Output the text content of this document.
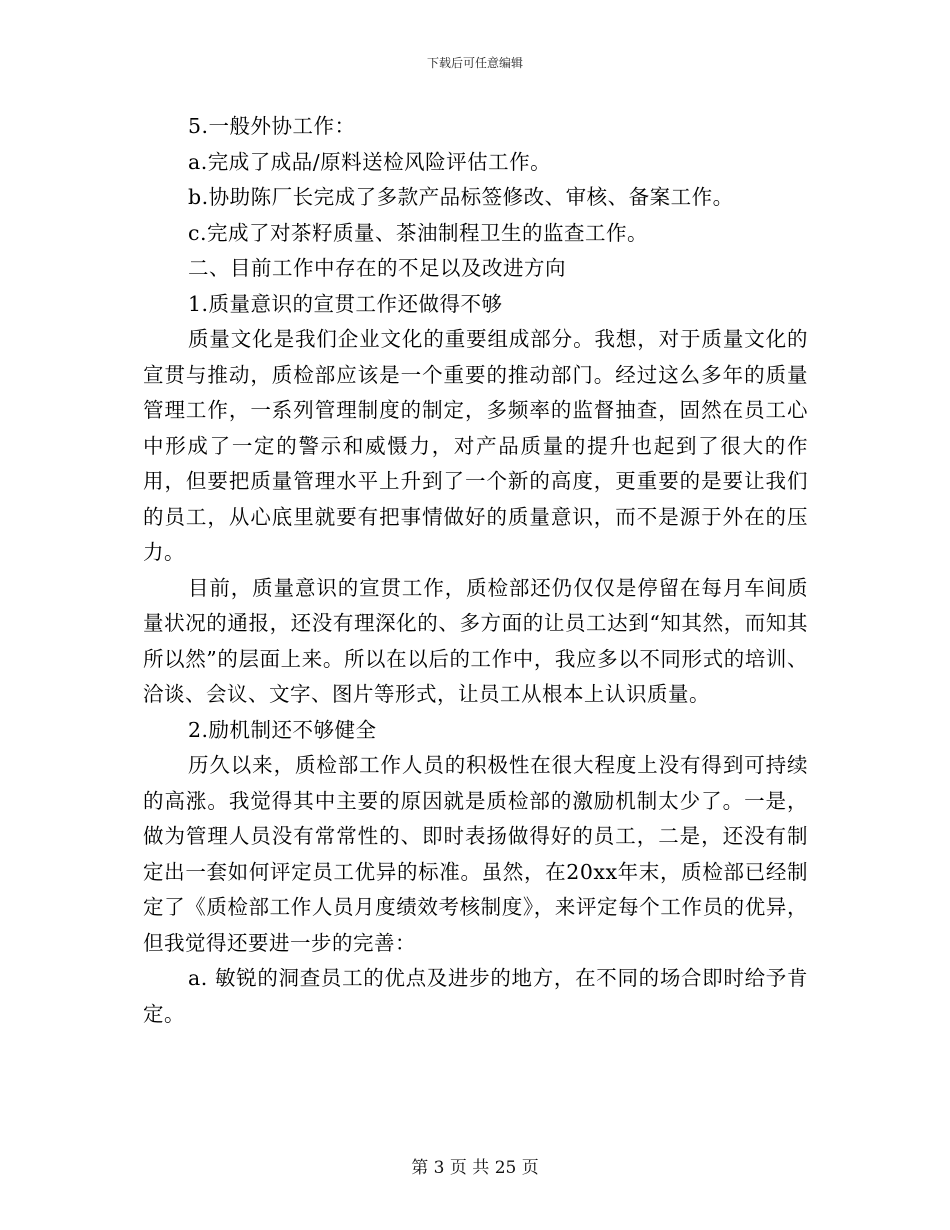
下载后可任意编辑

5.一般外协工作：

a.完成了成品/原料送检风险评估工作。

b.协助陈厂长完成了多款产品标签修改、审核、备案工作。

c.完成了对茶籽质量、茶油制程卫生的监查工作。

二、目前工作中存在的不足以及改进方向

1.质量意识的宣贯工作还做得不够

质量文化是我们企业文化的重要组成部分。我想，对于质量文化的宣贯与推动，质检部应该是一个重要的推动部门。经过这么多年的质量管理工作，一系列管理制度的制定，多频率的监督抽查，固然在员工心中形成了一定的警示和威慑力，对产品质量的提升也起到了很大的作用，但要把质量管理水平上升到了一个新的高度，更重要的是要让我们的员工，从心底里就要有把事情做好的质量意识，而不是源于外在的压力。

目前，质量意识的宣贯工作，质检部还仍仅仅是停留在每月车间质量状况的通报，还没有理深化的、多方面的让员工达到“知其然，而知其所以然”的层面上来。所以在以后的工作中，我应多以不同形式的培训、洽谈、会议、文字、图片等形式，让员工从根本上认识质量。

2.励机制还不够健全

历久以来，质检部工作人员的积极性在很大程度上没有得到可持续的高涨。我觉得其中主要的原因就是质检部的激励机制太少了。一是，做为管理人员没有常常性的、即时表扬做得好的员工，二是，还没有制定出一套如何评定员工优异的标准。虽然，在20xx年末，质检部已经制定了《质检部工作人员月度绩效考核制度》，来评定每个工作员的优异，但我觉得还要进一步的完善：

a. 敏锐的洞查员工的优点及进步的地方，在不同的场合即时给予肯定。

第 3 页 共 25 页
